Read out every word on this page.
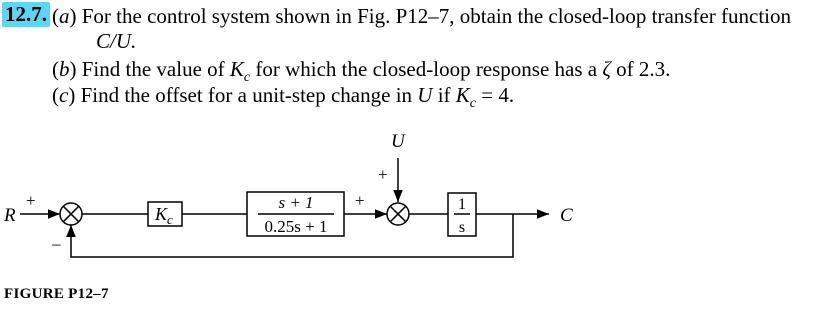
12.7. (a) For the control system shown in Fig. P12–7, obtain the closed-loop transfer function
C/U.
(b) Find the value of $K_c$ for which the closed-loop response has a ζ of 2.3.
(c) Find the offset for a unit-step change in U if $K_c = 4$.
R
+
–
$K_c$
s + 1
0.25s + 1
+
+
U
1
s
C
FIGURE P12–7
